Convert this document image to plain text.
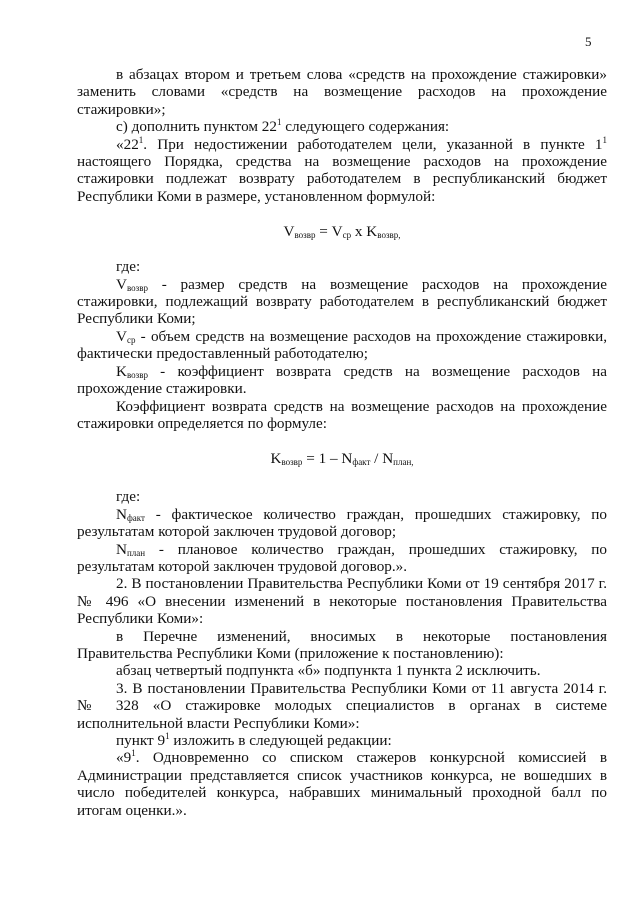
5

в абзацах втором и третьем слова «средств на прохождение стажировки» заменить словами «средств на возмещение расходов на прохождение стажировки»;

с) дополнить пунктом $22^1$ следующего содержания:

«$22^1$. При недостижении работодателем цели, указанной в пункте $1^1$ настоящего Порядка, средства на возмещение расходов на прохождение стажировки подлежат возврату работодателем в республиканский бюджет Республики Коми в размере, установленном формулой:

$V_{возвр} = V_{ср}$ x $K_{возвр,}$

где:

$V_{возвр}$ - размер средств на возмещение расходов на прохождение стажировки, подлежащий возврату работодателем в республиканский бюджет Республики Коми;

$V_{ср}$ - объем средств на возмещение расходов на прохождение стажировки, фактически предоставленный работодателю;

$K_{возвр}$ - коэффициент возврата средств на возмещение расходов на прохождение стажировки.

Коэффициент возврата средств на возмещение расходов на прохождение стажировки определяется по формуле:

$K_{возвр} = 1 - N_{факт} / N_{план,}$

где:

$N_{факт}$ - фактическое количество граждан, прошедших стажировку, по результатам которой заключен трудовой договор;

$N_{план}$ - плановое количество граждан, прошедших стажировку, по результатам которой заключен трудовой договор.».

2. В постановлении Правительства Республики Коми от 19 сентября 2017 г. № 496 «О внесении изменений в некоторые постановления Правительства Республики Коми»:

в Перечне изменений, вносимых в некоторые постановления Правительства Республики Коми (приложение к постановлению):

абзац четвертый подпункта «б» подпункта 1 пункта 2 исключить.

3. В постановлении Правительства Республики Коми от 11 августа 2014 г. № 328 «О стажировке молодых специалистов в органах в системе исполнительной власти Республики Коми»:

пункт $9^1$ изложить в следующей редакции:

«$9^1$. Одновременно со списком стажеров конкурсной комиссией в Администрации представляется список участников конкурса, не вошедших в число победителей конкурса, набравших минимальный проходной балл по итогам оценки.».
